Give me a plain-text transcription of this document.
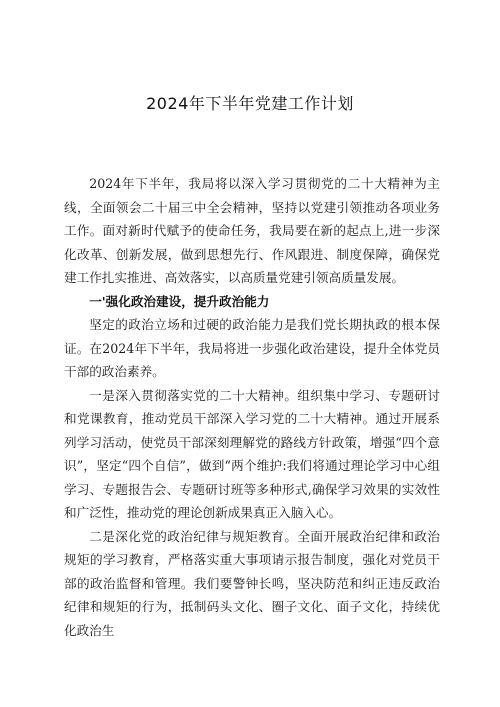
2024年下半年党建工作计划

2024年下半年，我局将以深入学习贯彻党的二十大精神为主线，全面领会二十届三中全会精神，坚持以党建引领推动各项业务工作。面对新时代赋予的使命任务，我局要在新的起点上,进一步深化改革、创新发展，做到思想先行、作风跟进、制度保障，确保党建工作扎实推进、高效落实，以高质量党建引领高质量发展。

一'强化政治建设，提升政治能力

坚定的政治立场和过硬的政治能力是我们党长期执政的根本保证。在2024年下半年，我局将进一步强化政治建设，提升全体党员干部的政治素养。

一是深入贯彻落实党的二十大精神。组织集中学习、专题研讨和党课教育，推动党员干部深入学习党的二十大精神。通过开展系列学习活动，使党员干部深刻理解党的路线方针政策，增强“四个意识”，坚定“四个自信”，做到“两个维护:我们将通过理论学习中心组学习、专题报告会、专题研讨班等多种形式,确保学习效果的实效性和广泛性，推动党的理论创新成果真正入脑入心。

二是深化党的政治纪律与规矩教育。全面开展政治纪律和政治规矩的学习教育，严格落实重大事项请示报告制度，强化对党员干部的政治监督和管理。我们要警钟长鸣，坚决防范和纠正违反政治纪律和规矩的行为，抵制码头文化、圈子文化、面子文化，持续优化政治生
